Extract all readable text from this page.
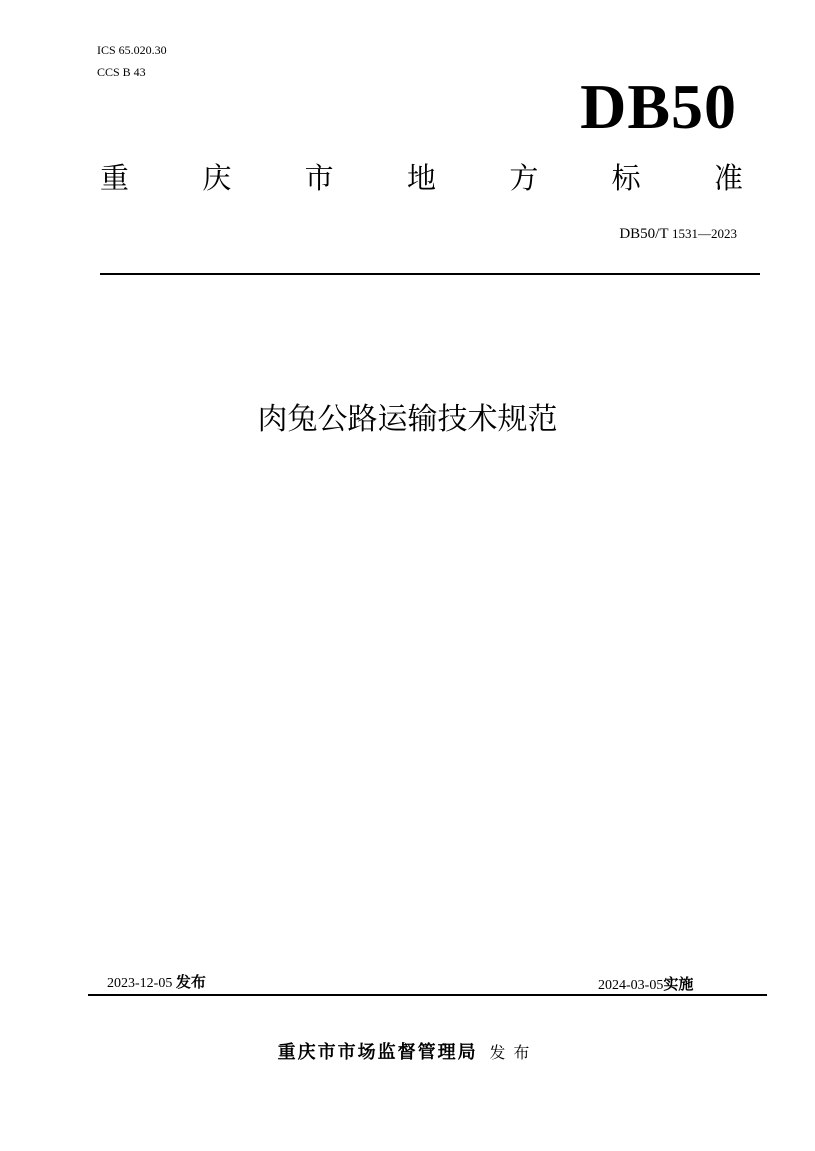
ICS 65.020.30
CCS B 43	DB50
重	庆	市	地	方	标	准
DB50/T 1531—2023
肉兔公路运输技术规范
2023-12-05 发布	2024-03-05实施
重庆市市场监督管理局 发布
